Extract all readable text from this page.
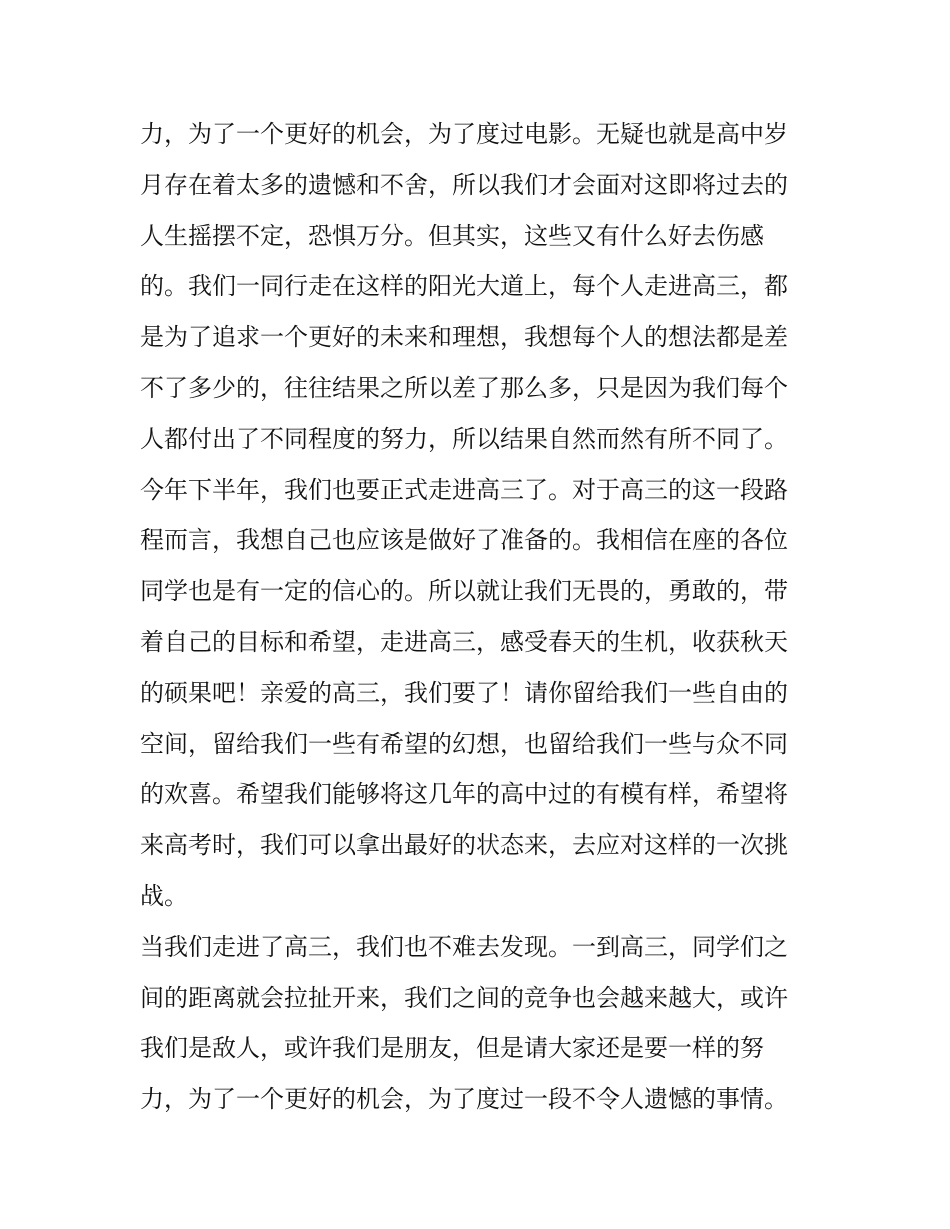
力，为了一个更好的机会，为了度过电影。无疑也就是高中岁
月存在着太多的遗憾和不舍，所以我们才会面对这即将过去的
人生摇摆不定，恐惧万分。但其实，这些又有什么好去伤感
的。我们一同行走在这样的阳光大道上，每个人走进高三，都
是为了追求一个更好的未来和理想，我想每个人的想法都是差
不了多少的，往往结果之所以差了那么多，只是因为我们每个
人都付出了不同程度的努力，所以结果自然而然有所不同了。
今年下半年，我们也要正式走进高三了。对于高三的这一段路
程而言，我想自己也应该是做好了准备的。我相信在座的各位
同学也是有一定的信心的。所以就让我们无畏的，勇敢的，带
着自己的目标和希望，走进高三，感受春天的生机，收获秋天
的硕果吧！亲爱的高三，我们要了！请你留给我们一些自由的
空间，留给我们一些有希望的幻想，也留给我们一些与众不同
的欢喜。希望我们能够将这几年的高中过的有模有样，希望将
来高考时，我们可以拿出最好的状态来，去应对这样的一次挑
战。
当我们走进了高三，我们也不难去发现。一到高三，同学们之
间的距离就会拉扯开来，我们之间的竞争也会越来越大，或许
我们是敌人，或许我们是朋友，但是请大家还是要一样的努
力，为了一个更好的机会，为了度过一段不令人遗憾的事情。
